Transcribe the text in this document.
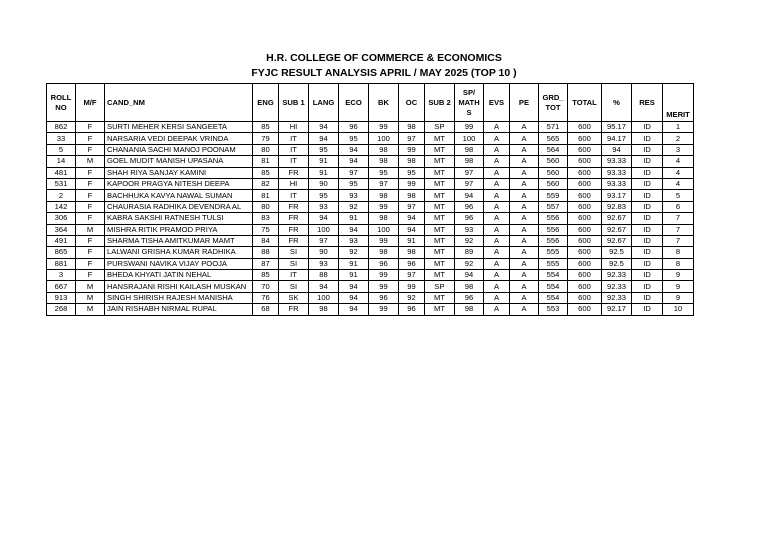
H.R. COLLEGE OF COMMERCE & ECONOMICS
FYJC RESULT ANALYSIS APRIL / MAY 2025 (TOP 10 )
ROLL
NO	M/F	CAND_NM	ENG	SUB 1	LANG	ECO	BK	OC	SUB 2	SP/
MATH
S	EVS	PE	GRD_
TOT	TOTAL	%	RES	MERIT
862	F	SURTI MEHER KERSI SANGEETA	85	HI	94	96	99	98	SP	99	A	A	571	600	95.17	ID	1
33	F	NARSARIA VEDI DEEPAK VRINDA	79	IT	94	95	100	97	MT	100	A	A	565	600	94.17	ID	2
5	F	CHANANIA SACHI MANOJ POONAM	80	IT	95	94	98	99	MT	98	A	A	564	600	94	ID	3
14	M	GOEL MUDIT MANISH UPASANA	81	IT	91	94	98	98	MT	98	A	A	560	600	93.33	ID	4
481	F	SHAH RIYA SANJAY KAMINI	85	FR	91	97	95	95	MT	97	A	A	560	600	93.33	ID	4
531	F	KAPOOR PRAGYA NITESH DEEPA	82	HI	90	95	97	99	MT	97	A	A	560	600	93.33	ID	4
2	F	BACHHUKA KAVYA NAWAL SUMAN	81	IT	95	93	98	98	MT	94	A	A	559	600	93.17	ID	5
142	F	CHAURASIA RADHIKA DEVENDRA AL	80	FR	93	92	99	97	MT	96	A	A	557	600	92.83	ID	6
306	F	KABRA SAKSHI RATNESH TULSI	83	FR	94	91	98	94	MT	96	A	A	556	600	92.67	ID	7
364	M	MISHRA RITIK PRAMOD PRIYA	75	FR	100	94	100	94	MT	93	A	A	556	600	92.67	ID	7
491	F	SHARMA TISHA AMITKUMAR MAMT	84	FR	97	93	99	91	MT	92	A	A	556	600	92.67	ID	7
865	F	LALWANI GRISHA KUMAR RADHIKA	88	SI	90	92	98	98	MT	89	A	A	555	600	92.5	ID	8
881	F	PURSWANI NAVIKA VIJAY POOJA	87	SI	93	91	96	96	MT	92	A	A	555	600	92.5	ID	8
3	F	BHEDA KHYATI JATIN NEHAL	85	IT	88	91	99	97	MT	94	A	A	554	600	92.33	ID	9
667	M	HANSRAJANI RISHI KAILASH MUSKAN	70	SI	94	94	99	99	SP	98	A	A	554	600	92.33	ID	9
913	M	SINGH SHIRISH RAJESH MANISHA	76	SK	100	94	96	92	MT	96	A	A	554	600	92.33	ID	9
268	M	JAIN RISHABH NIRMAL RUPAL	68	FR	98	94	99	96	MT	98	A	A	553	600	92.17	ID	10
